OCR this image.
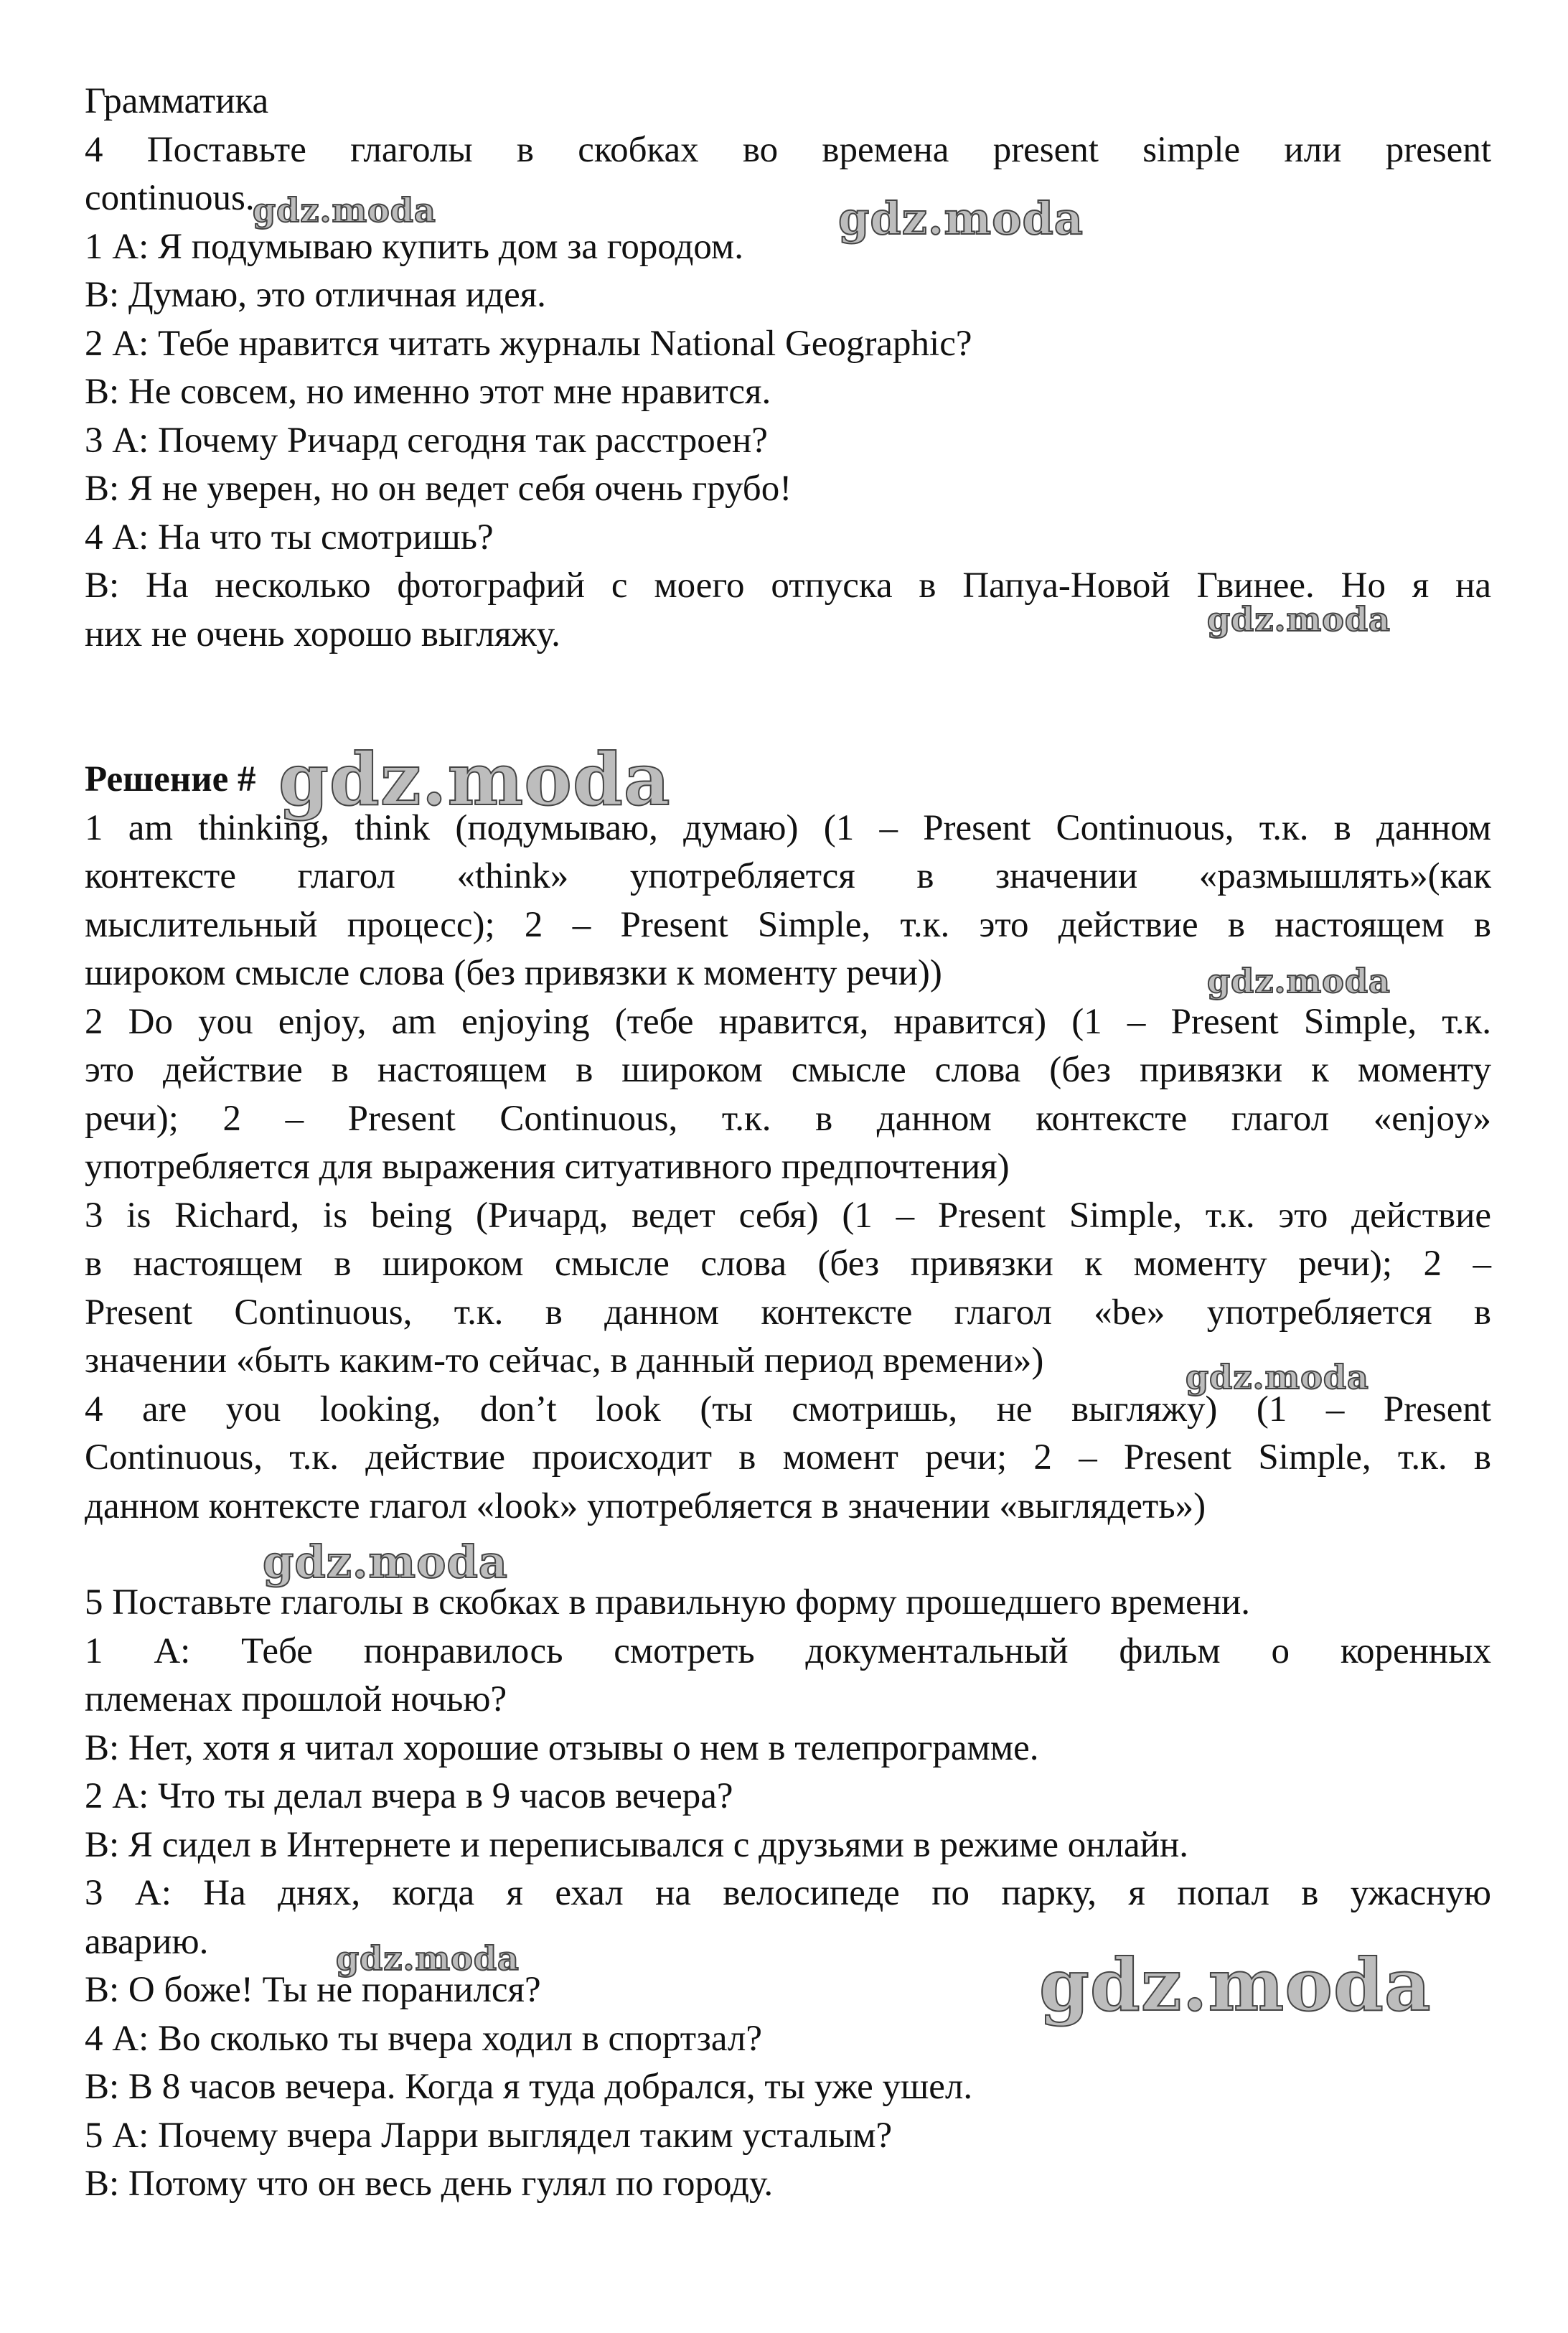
Грамматика
4 Поставьте глаголы в скобках во времена present simple или present
continuous.
1 А: Я подумываю купить дом за городом.
В: Думаю, это отличная идея.
2 А: Тебе нравится читать журналы National Geographic?
В: Не совсем, но именно этот мне нравится.
3 А: Почему Ричард сегодня так расстроен?
В: Я не уверен, но он ведет себя очень грубо!
4 А: На что ты смотришь?
В: На несколько фотографий с моего отпуска в Папуа-Новой Гвинее. Но я на
них не очень хорошо выгляжу.
Решение #
1 am thinking, think (подумываю, думаю) (1 – Present Continuous, т.к. в данном
контексте глагол «think» употребляется в значении «размышлять»(как
мыслительный процесс); 2 – Present Simple, т.к. это действие в настоящем в
широком смысле слова (без привязки к моменту речи))
2 Do you enjoy, am enjoying (тебе нравится, нравится) (1 – Present Simple, т.к.
это действие в настоящем в широком смысле слова (без привязки к моменту
речи); 2 – Present Continuous, т.к. в данном контексте глагол «enjoy»
употребляется для выражения ситуативного предпочтения)
3 is Richard, is being (Ричард, ведет себя) (1 – Present Simple, т.к. это действие
в настоящем в широком смысле слова (без привязки к моменту речи); 2 –
Present Continuous, т.к. в данном контексте глагол «be» употребляется в
значении «быть каким-то сейчас, в данный период времени»)
4 are you looking, don’t look (ты смотришь, не выгляжу) (1 – Present
Continuous, т.к. действие происходит в момент речи; 2 – Present Simple, т.к. в
данном контексте глагол «look» употребляется в значении «выглядеть»)
5 Поставьте глаголы в скобках в правильную форму прошедшего времени.
1 А: Тебе понравилось смотреть документальный фильм о коренных
племенах прошлой ночью?
В: Нет, хотя я читал хорошие отзывы о нем в телепрограмме.
2 А: Что ты делал вчера в 9 часов вечера?
В: Я сидел в Интернете и переписывался с друзьями в режиме онлайн.
3 А: На днях, когда я ехал на велосипеде по парку, я попал в ужасную
аварию.
В: О боже! Ты не поранился?
4 А: Во сколько ты вчера ходил в спортзал?
В: В 8 часов вечера. Когда я туда добрался, ты уже ушел.
5 А: Почему вчера Ларри выглядел таким усталым?
В: Потому что он весь день гулял по городу.
gdz.moda	gdz.moda
gdz.moda
gdz.moda
gdz.moda
gdz.moda
gdz.moda
gdz.moda	gdz.moda
